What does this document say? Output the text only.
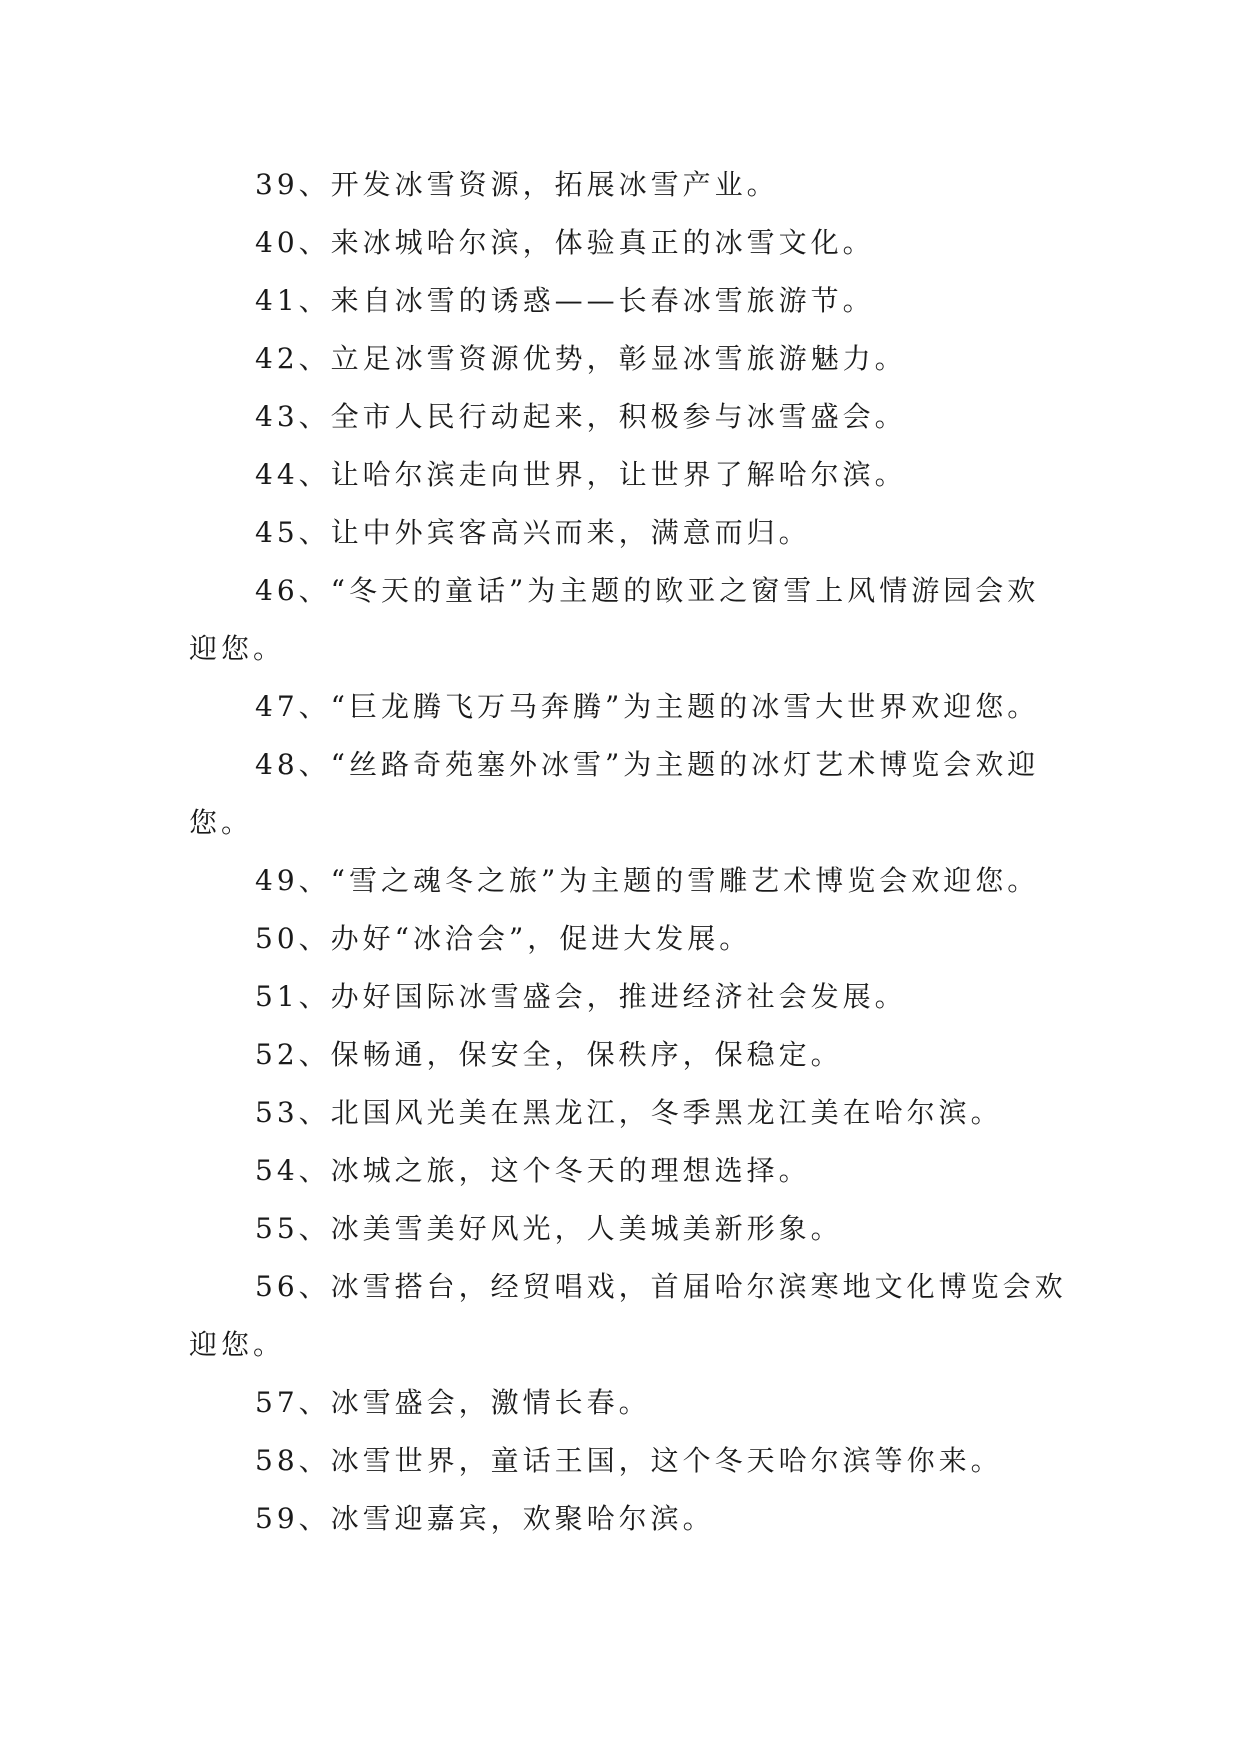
39、开发冰雪资源，拓展冰雪产业。

40、来冰城哈尔滨，体验真正的冰雪文化。

41、来自冰雪的诱惑——长春冰雪旅游节。

42、立足冰雪资源优势，彰显冰雪旅游魅力。

43、全市人民行动起来，积极参与冰雪盛会。

44、让哈尔滨走向世界，让世界了解哈尔滨。

45、让中外宾客高兴而来，满意而归。

46、“冬天的童话”为主题的欧亚之窗雪上风情游园会欢迎您。

47、“巨龙腾飞万马奔腾”为主题的冰雪大世界欢迎您。

48、“丝路奇苑塞外冰雪”为主题的冰灯艺术博览会欢迎您。

49、“雪之魂冬之旅”为主题的雪雕艺术博览会欢迎您。

50、办好“冰洽会”，促进大发展。

51、办好国际冰雪盛会，推进经济社会发展。

52、保畅通，保安全，保秩序，保稳定。

53、北国风光美在黑龙江，冬季黑龙江美在哈尔滨。

54、冰城之旅，这个冬天的理想选择。

55、冰美雪美好风光，人美城美新形象。

56、冰雪搭台，经贸唱戏，首届哈尔滨寒地文化博览会欢迎您。

57、冰雪盛会，激情长春。

58、冰雪世界，童话王国，这个冬天哈尔滨等你来。

59、冰雪迎嘉宾，欢聚哈尔滨。
